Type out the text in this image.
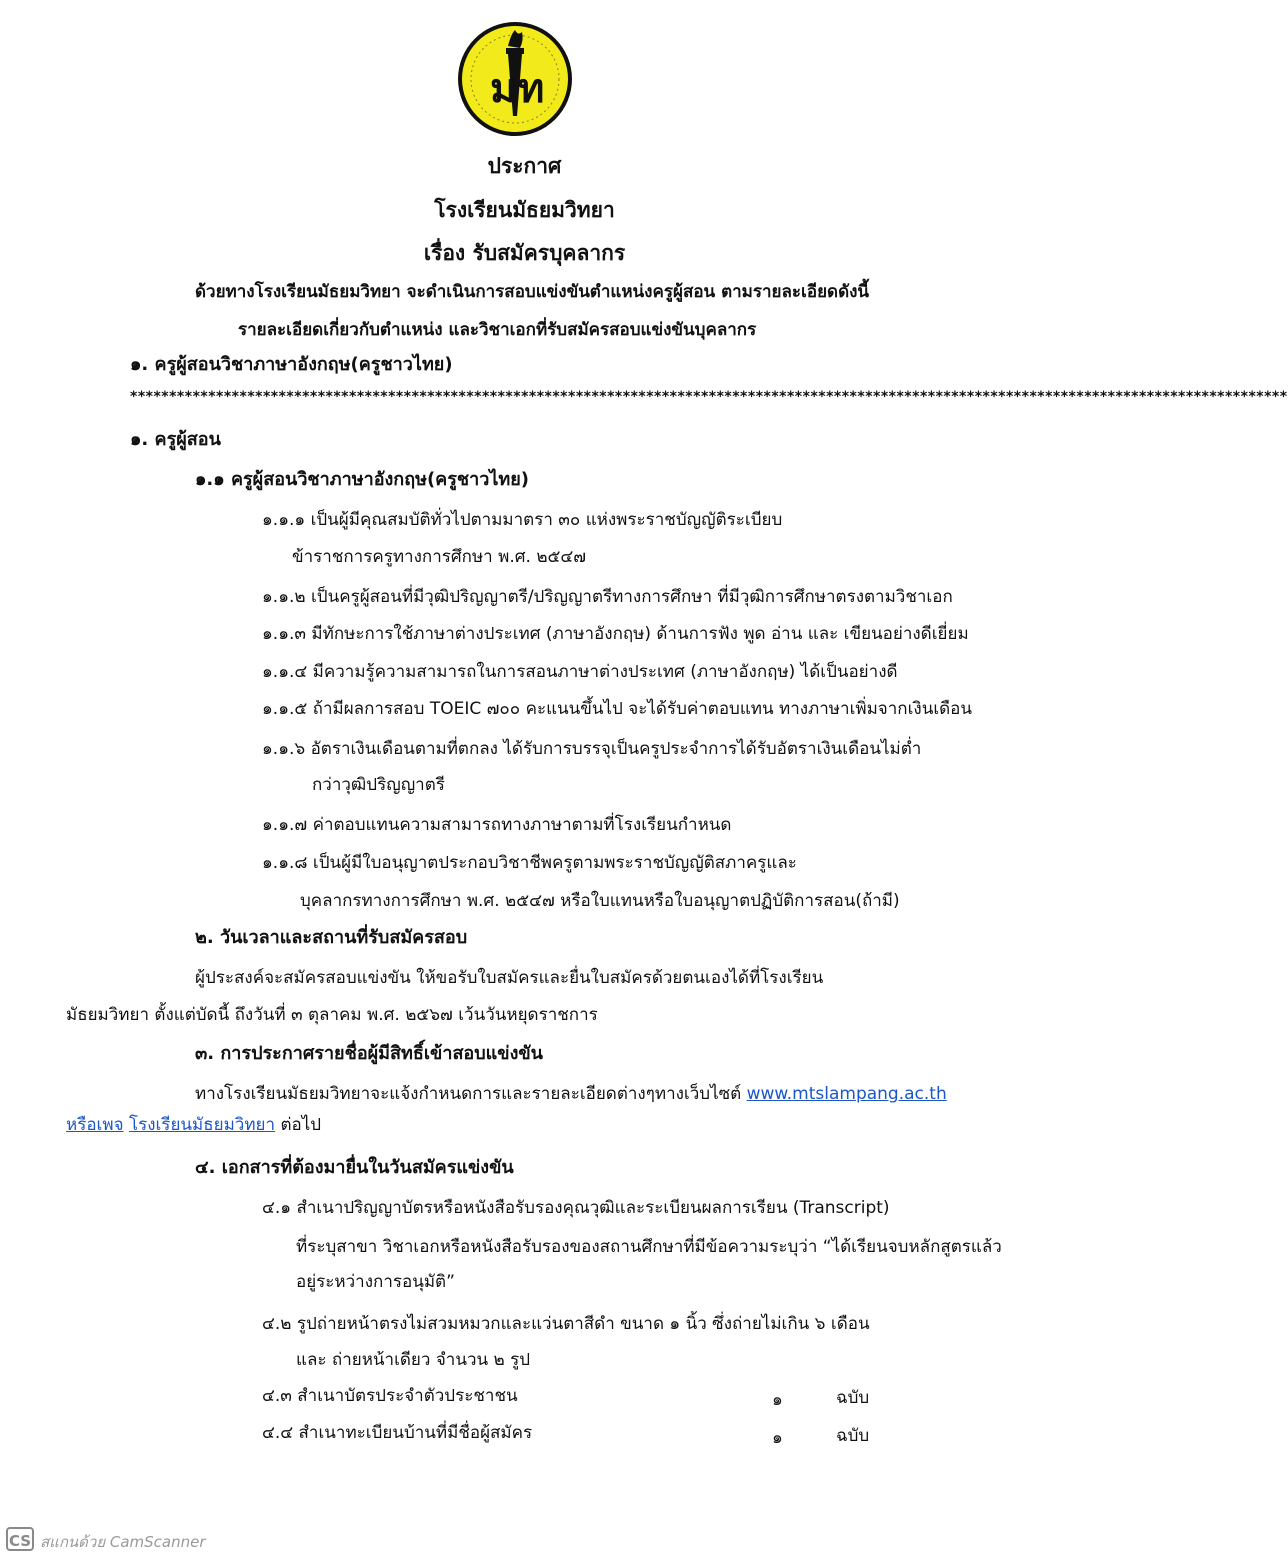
ม ท
ประกาศ
โรงเรียนมัธยมวิทยา
เรื่อง รับสมัครบุคลากร
ด้วยทางโรงเรียนมัธยมวิทยา จะดำเนินการสอบแข่งขันตำแหน่งครูผู้สอน ตามรายละเอียดดังนี้
รายละเอียดเกี่ยวกับตำแหน่ง และวิชาเอกที่รับสมัครสอบแข่งขันบุคลากร
๑. ครูผู้สอนวิชาภาษาอังกฤษ(ครูชาวไทย)
****************************************************************************************************************************************************
๑. ครูผู้สอน
๑.๑ ครูผู้สอนวิชาภาษาอังกฤษ(ครูชาวไทย)
๑.๑.๑ เป็นผู้มีคุณสมบัติทั่วไปตามมาตรา ๓๐ แห่งพระราชบัญญัติระเบียบ
ข้าราชการครูทางการศึกษา พ.ศ. ๒๕๔๗
๑.๑.๒ เป็นครูผู้สอนที่มีวุฒิปริญญาตรี/ปริญญาตรีทางการศึกษา ที่มีวุฒิการศึกษาตรงตามวิชาเอก
๑.๑.๓ มีทักษะการใช้ภาษาต่างประเทศ (ภาษาอังกฤษ) ด้านการฟัง พูด อ่าน และ เขียนอย่างดีเยี่ยม
๑.๑.๔ มีความรู้ความสามารถในการสอนภาษาต่างประเทศ (ภาษาอังกฤษ) ได้เป็นอย่างดี
๑.๑.๕ ถ้ามีผลการสอบ TOEIC ๗๐๐ คะแนนขึ้นไป จะได้รับค่าตอบแทน ทางภาษาเพิ่มจากเงินเดือน
๑.๑.๖ อัตราเงินเดือนตามที่ตกลง ได้รับการบรรจุเป็นครูประจำการได้รับอัตราเงินเดือนไม่ต่ำ
กว่าวุฒิปริญญาตรี
๑.๑.๗ ค่าตอบแทนความสามารถทางภาษาตามที่โรงเรียนกำหนด
๑.๑.๘ เป็นผู้มีใบอนุญาตประกอบวิชาชีพครูตามพระราชบัญญัติสภาครูและ
บุคลากรทางการศึกษา พ.ศ. ๒๕๔๗ หรือใบแทนหรือใบอนุญาตปฏิบัติการสอน(ถ้ามี)
๒. วันเวลาและสถานที่รับสมัครสอบ
ผู้ประสงค์จะสมัครสอบแข่งขัน ให้ขอรับใบสมัครและยื่นใบสมัครด้วยตนเองได้ที่โรงเรียน
มัธยมวิทยา ตั้งแต่บัดนี้ ถึงวันที่ ๓ ตุลาคม พ.ศ. ๒๕๖๗ เว้นวันหยุดราชการ
๓. การประกาศรายชื่อผู้มีสิทธิ์เข้าสอบแข่งขัน
ทางโรงเรียนมัธยมวิทยาจะแจ้งกำหนดการและรายละเอียดต่างๆทางเว็บไซต์ www.mtslampang.ac.th
หรือเพจ โรงเรียนมัธยมวิทยา ต่อไป
๔. เอกสารที่ต้องมายื่นในวันสมัครแข่งขัน
๔.๑ สำเนาปริญญาบัตรหรือหนังสือรับรองคุณวุฒิและระเบียนผลการเรียน (Transcript)
ที่ระบุสาขา วิชาเอกหรือหนังสือรับรองของสถานศึกษาที่มีข้อความระบุว่า “ได้เรียนจบหลักสูตรแล้ว
อยู่ระหว่างการอนุมัติ”
๔.๒ รูปถ่ายหน้าตรงไม่สวมหมวกและแว่นตาสีดำ ขนาด ๑ นิ้ว ซึ่งถ่ายไม่เกิน ๖ เดือน
และ ถ่ายหน้าเดียว จำนวน ๒ รูป
๔.๓ สำเนาบัตรประจำตัวประชาชน	๑	ฉบับ
๔.๔ สำเนาทะเบียนบ้านที่มีชื่อผู้สมัคร	๑	ฉบับ
CS สแกนด้วย CamScanner
